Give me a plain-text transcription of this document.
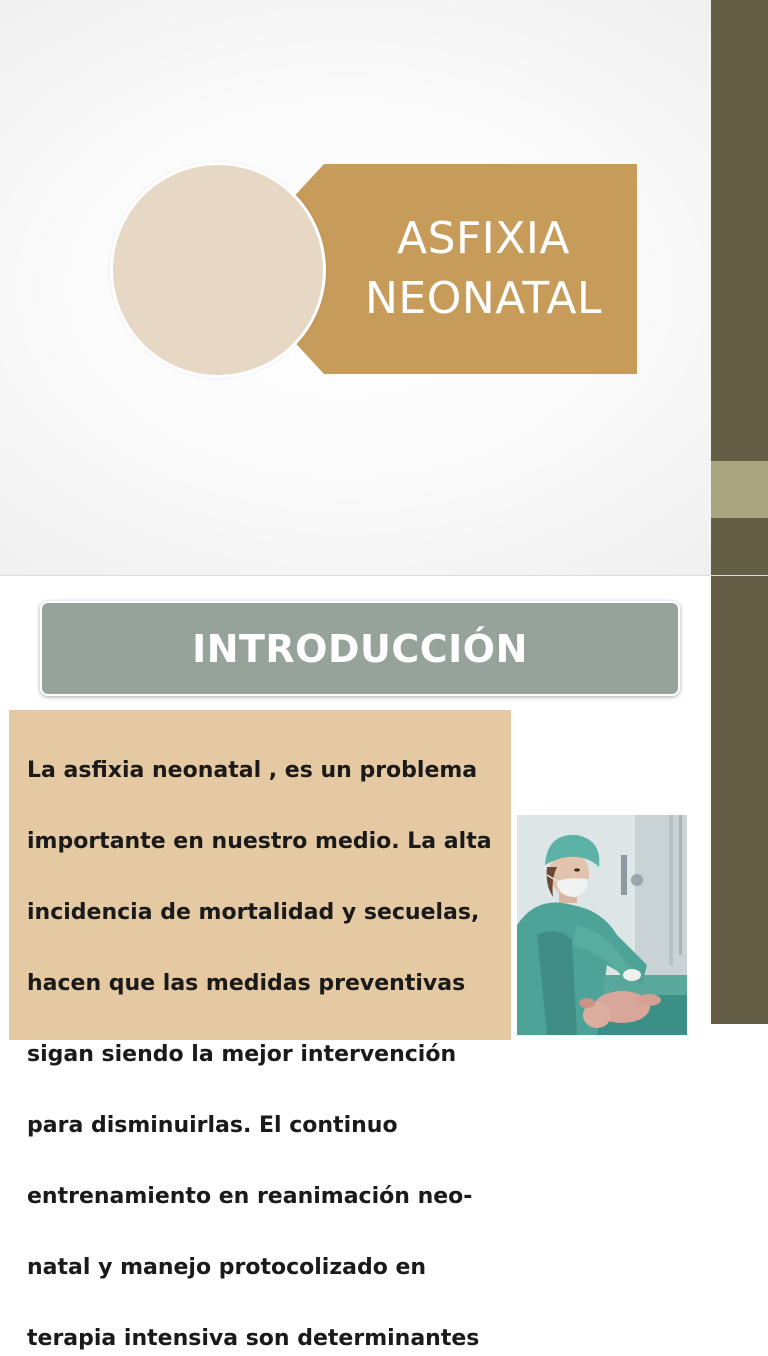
ASFIXIA
NEONATAL
INTRODUCCIÓN

La asfixia neonatal , es un problema

importante en nuestro medio. La alta

incidencia de mortalidad y secuelas,

hacen que las medidas preventivas

sigan siendo la mejor intervención

para disminuirlas. El continuo

entrenamiento en reanimación neo-

natal y manejo protocolizado en

terapia intensiva son determinantes
